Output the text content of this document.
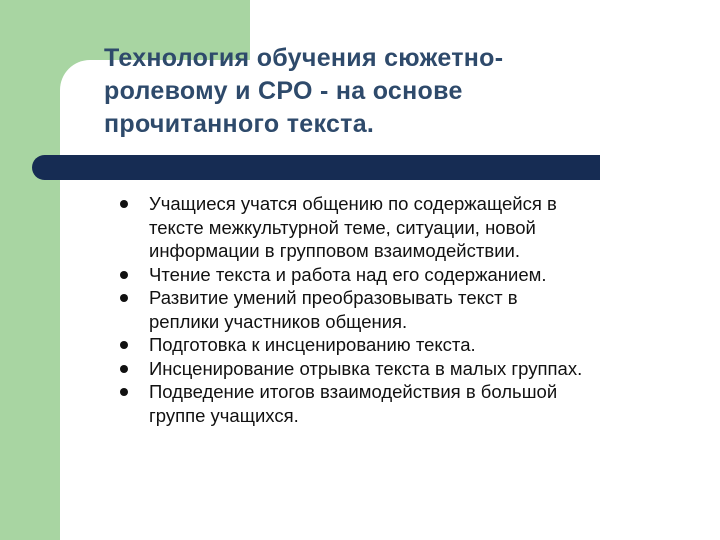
Технология обучения сюжетно-
ролевому и СРО - на основе
прочитанного текста.
Учащиеся учатся общению по содержащейся в
тексте межкультурной теме, ситуации, новой
информации в групповом взаимодействии.
Чтение текста и работа над его содержанием.
Развитие умений преобразовывать текст в
реплики участников общения.
Подготовка к инсценированию текста.
Инсценирование отрывка текста в малых группах.
Подведение итогов взаимодействия в большой
группе учащихся.
